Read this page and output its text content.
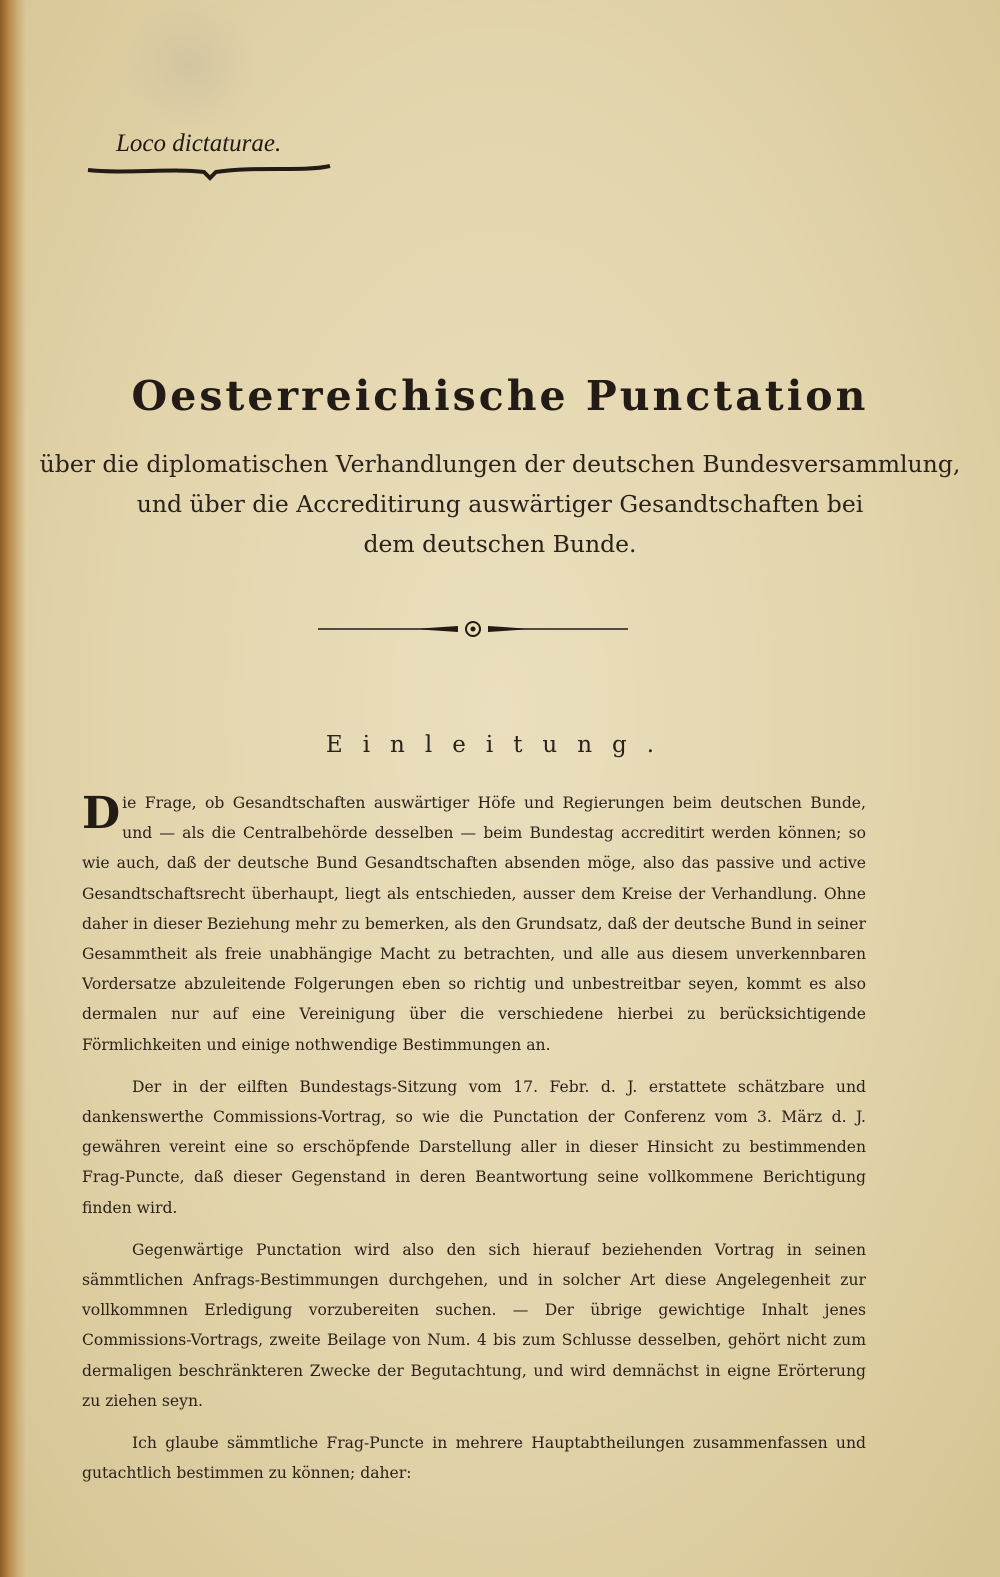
Loco dictaturae.
Oesterreichische Punctation
über die diplomatischen Verhandlungen der deutschen Bundesversammlung,
und über die Accreditirung auswärtiger Gesandtschaften bei
dem deutschen Bunde.
Einleitung.

Die Frage, ob Gesandtschaften auswärtiger Höfe und Regierungen beim deutschen Bunde, und — als die Centralbehörde desselben — beim Bundestag accreditirt werden können; so wie auch, daß der deutsche Bund Gesandtschaften absenden möge, also das passive und active Gesandtschaftsrecht überhaupt, liegt als entschieden, ausser dem Kreise der Verhandlung. Ohne daher in dieser Beziehung mehr zu bemerken, als den Grundsatz, daß der deutsche Bund in seiner Gesammtheit als freie unabhängige Macht zu betrachten, und alle aus diesem unverkennbaren Vordersatze abzuleitende Folgerungen eben so richtig und unbestreitbar seyen, kommt es also dermalen nur auf eine Vereinigung über die verschiedene hierbei zu berücksichtigende Förmlichkeiten und einige nothwendige Bestimmungen an.

Der in der eilften Bundestags-Sitzung vom 17. Febr. d. J. erstattete schätzbare und dankenswerthe Commissions-Vortrag, so wie die Punctation der Conferenz vom 3. März d. J. gewähren vereint eine so erschöpfende Darstellung aller in dieser Hinsicht zu bestimmenden Frag-Puncte, daß dieser Gegenstand in deren Beantwortung seine vollkommene Berichtigung finden wird.

Gegenwärtige Punctation wird also den sich hierauf beziehenden Vortrag in seinen sämmtlichen Anfrags-Bestimmungen durchgehen, und in solcher Art diese Angelegenheit zur vollkommnen Erledigung vorzubereiten suchen. — Der übrige gewichtige Inhalt jenes Commissions-Vortrags, zweite Beilage von Num. 4 bis zum Schlusse desselben, gehört nicht zum dermaligen beschränkteren Zwecke der Begutachtung, und wird demnächst in eigne Erörterung zu ziehen seyn.

Ich glaube sämmtliche Frag-Puncte in mehrere Hauptabtheilungen zusammenfassen und gutachtlich bestimmen zu können; daher:
